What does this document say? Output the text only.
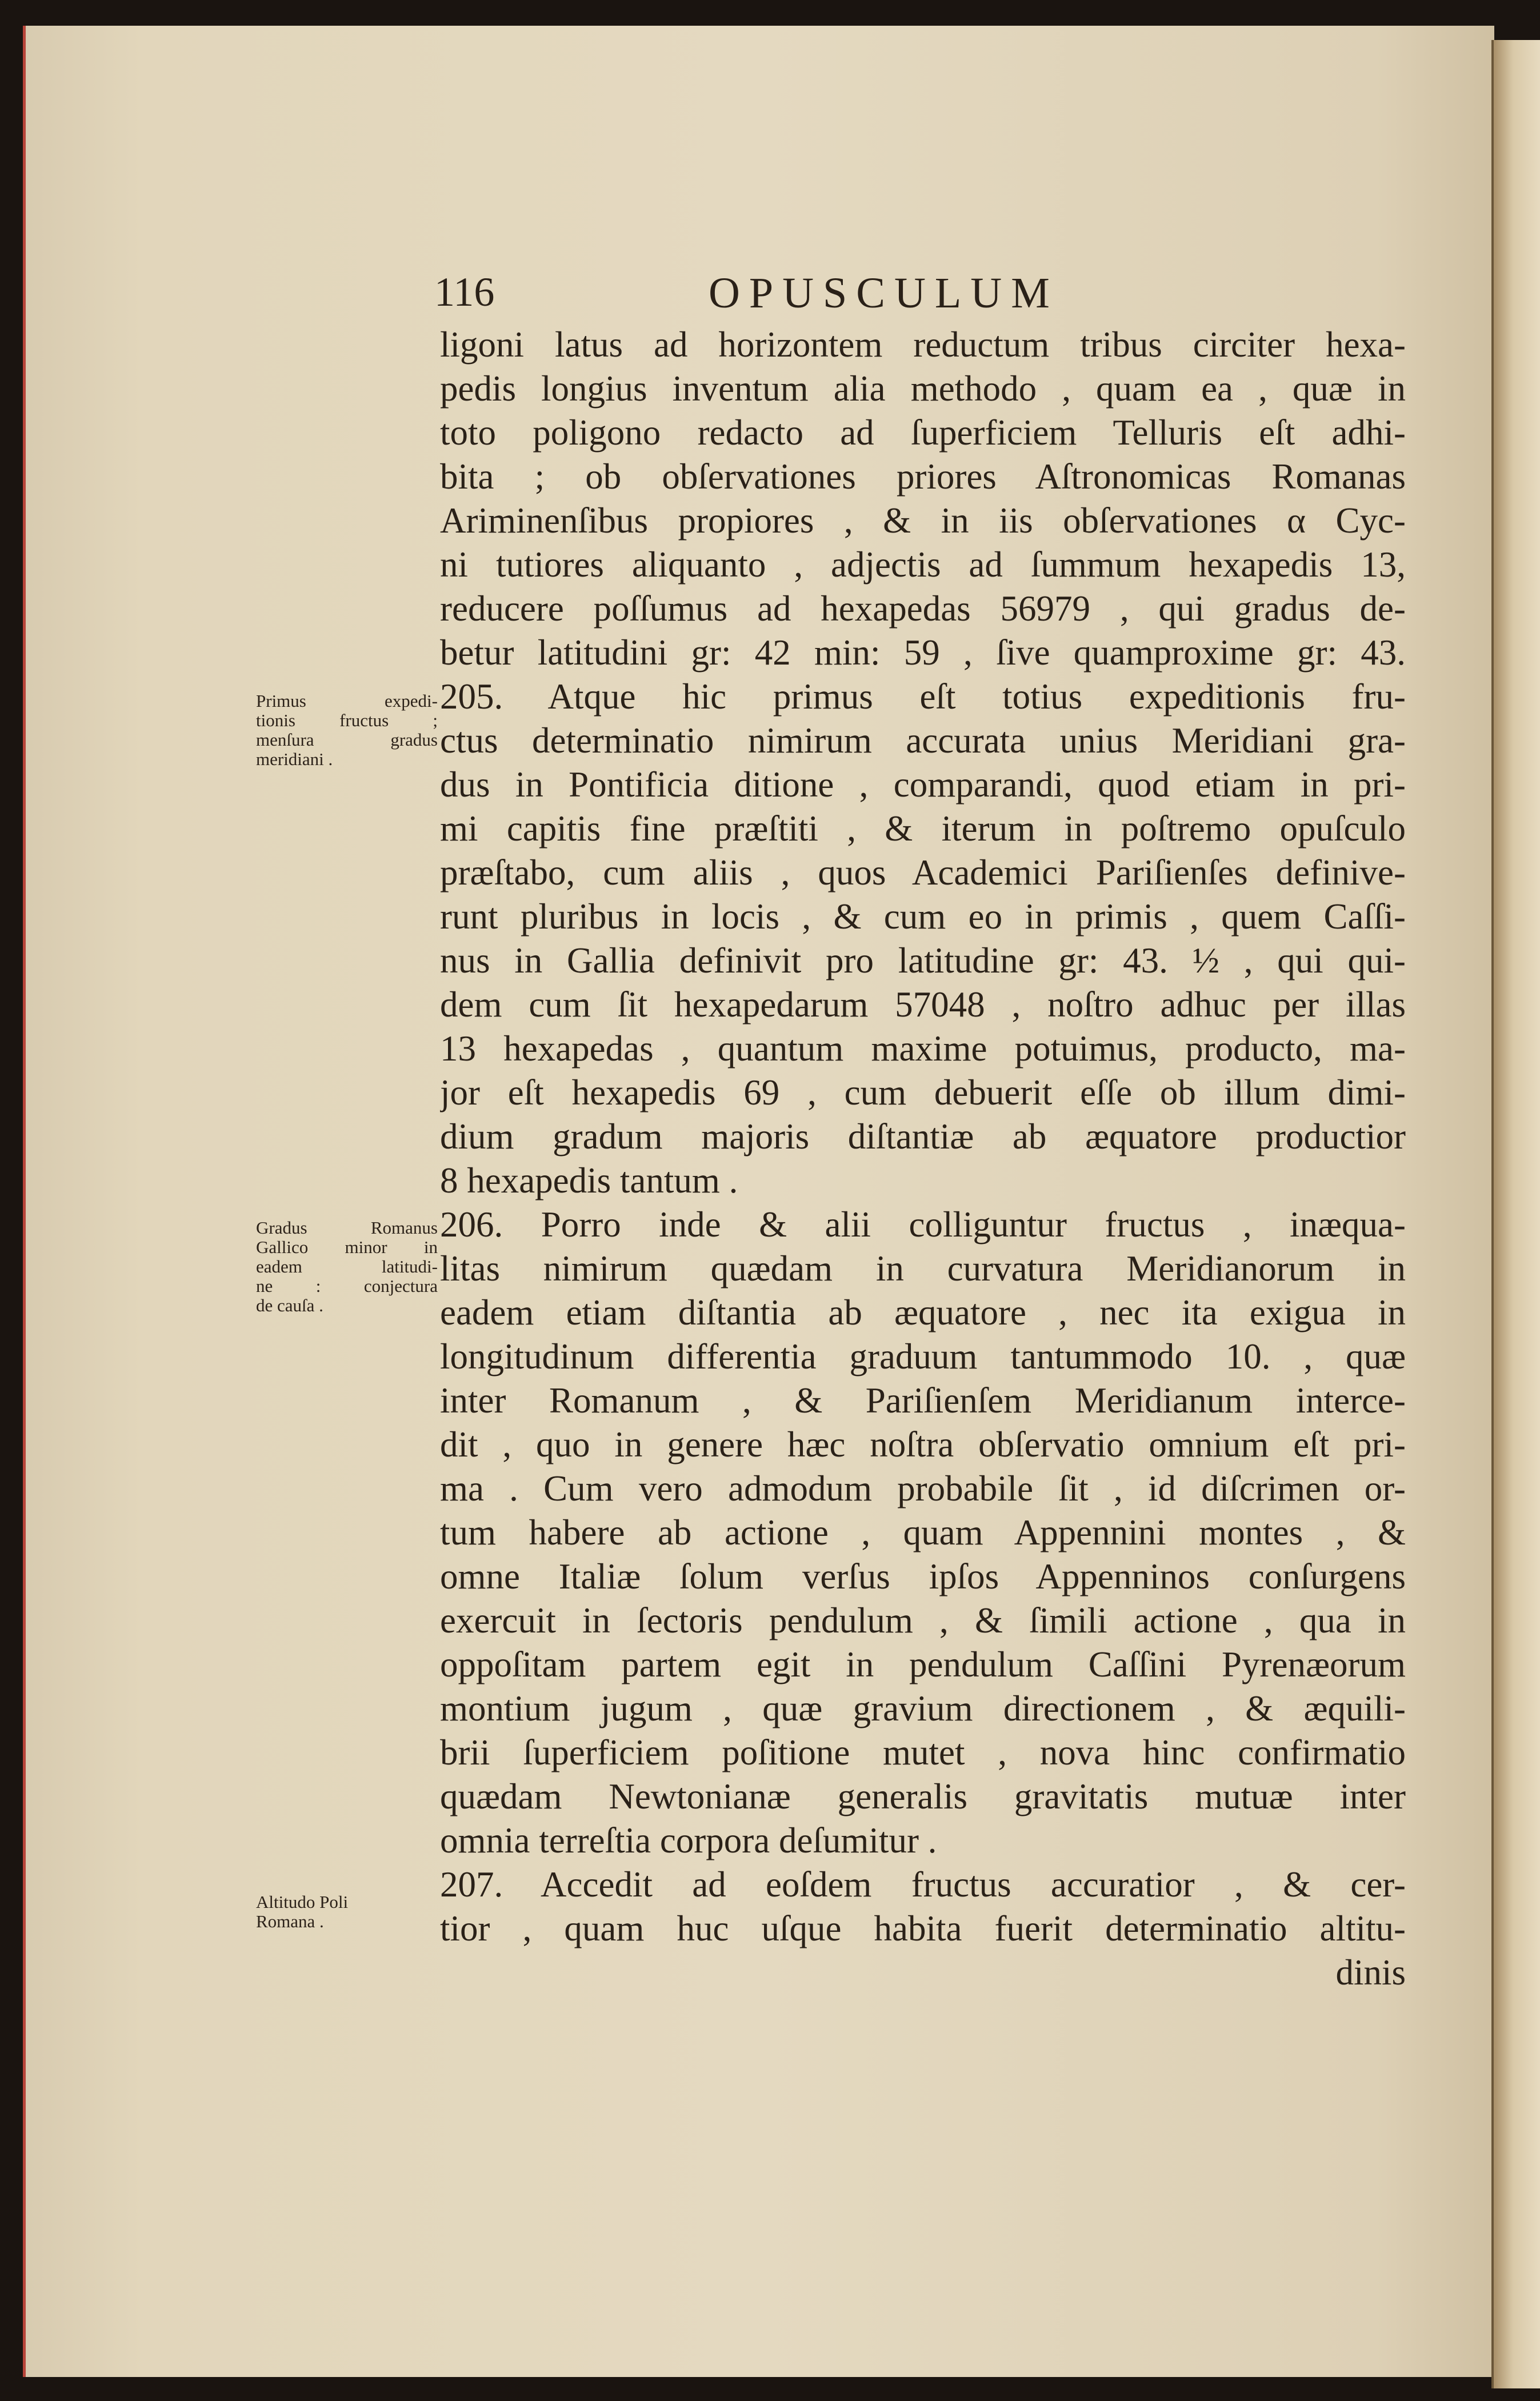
116	OPUSCULUM
ligoni latus ad horizontem reductum tribus circiter hexa-
pedis longius inventum alia methodo , quam ea , quæ in
toto poligono redacto ad ſuperficiem Telluris eſt adhi-
bita ; ob obſervationes priores Aſtronomicas Romanas
Ariminenſibus propiores , & in iis obſervationes α Cyc-
ni tutiores aliquanto , adjectis ad ſummum hexapedis 13,
reducere poſſumus ad hexapedas 56979 , qui gradus de-
betur latitudini gr: 42 min: 59 , ſive quamproxime gr: 43.
205. Atque hic primus eſt totius expeditionis fru-
ctus determinatio nimirum accurata unius Meridiani gra-
dus in Pontificia ditione , comparandi, quod etiam in pri-
mi capitis fine præſtiti , & iterum in poſtremo opuſculo
præſtabo, cum aliis , quos Academici Pariſienſes definive-
runt pluribus in locis , & cum eo in primis , quem Caſſi-
nus in Gallia definivit pro latitudine gr: 43. ½ , qui qui-
dem cum ſit hexapedarum 57048 , noſtro adhuc per illas
13 hexapedas , quantum maxime potuimus, producto, ma-
jor eſt hexapedis 69 , cum debuerit eſſe ob illum dimi-
dium gradum majoris diſtantiæ ab æquatore productior
8 hexapedis tantum .
206. Porro inde & alii colliguntur fructus , inæqua-
litas nimirum quædam in curvatura Meridianorum in
eadem etiam diſtantia ab æquatore , nec ita exigua in
longitudinum differentia graduum tantummodo 10. , quæ
inter Romanum , & Pariſienſem Meridianum interce-
dit , quo in genere hæc noſtra obſervatio omnium eſt pri-
ma . Cum vero admodum probabile ſit , id diſcrimen or-
tum habere ab actione , quam Appennini montes , &
omne Italiæ ſolum verſus ipſos Appenninos conſurgens
exercuit in ſectoris pendulum , & ſimili actione , qua in
oppoſitam partem egit in pendulum Caſſini Pyrenæorum
montium jugum , quæ gravium directionem , & æquili-
brii ſuperficiem poſitione mutet , nova hinc confirmatio
quædam Newtonianæ generalis gravitatis mutuæ inter
omnia terreſtia corpora deſumitur .
207. Accedit ad eoſdem fructus accuratior , & cer-
tior , quam huc uſque habita fuerit determinatio altitu-
dinis
Primus expedi-
tionis fructus ;
menſura gradus
meridiani .
Gradus Romanus
Gallico minor in
eadem latitudi-
ne : conjectura
de cauſa .
Altitudo Poli
Romana .
